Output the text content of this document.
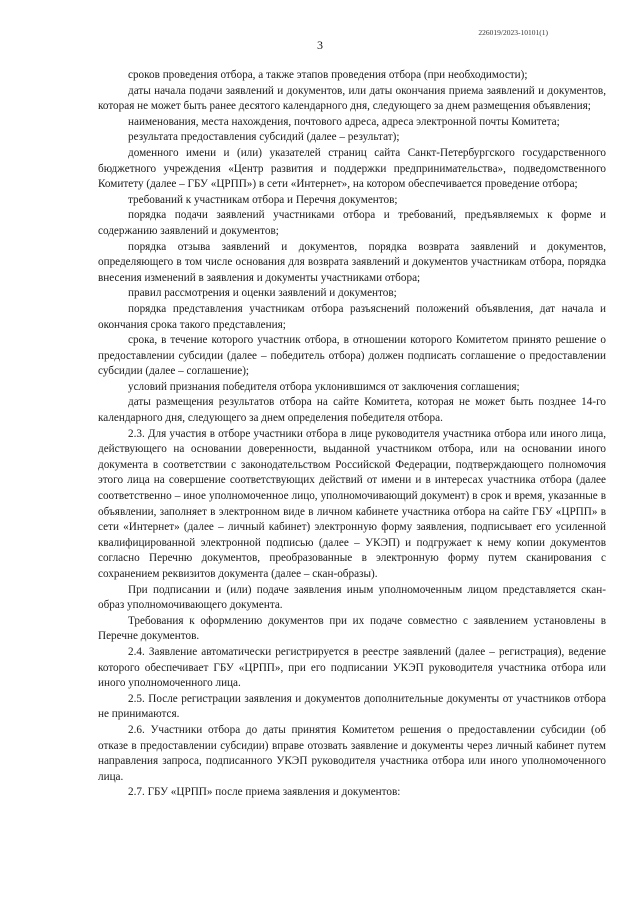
226019/2023-10101(1)
3

сроков проведения отбора, а также этапов проведения отбора (при необходимости);

даты начала подачи заявлений и документов, или даты окончания приема заявлений и документов, которая не может быть ранее десятого календарного дня, следующего за днем размещения объявления;

наименования, места нахождения, почтового адреса, адреса электронной почты Комитета;

результата предоставления субсидий (далее – результат);

доменного имени и (или) указателей страниц сайта Санкт-Петербургского государственного бюджетного учреждения «Центр развития и поддержки предпринимательства», подведомственного Комитету (далее – ГБУ «ЦРПП») в сети «Интернет», на котором обеспечивается проведение отбора;

требований к участникам отбора и Перечня документов;

порядка подачи заявлений участниками отбора и требований, предъявляемых к форме и содержанию заявлений и документов;

порядка отзыва заявлений и документов, порядка возврата заявлений и документов, определяющего в том числе основания для возврата заявлений и документов участникам отбора, порядка внесения изменений в заявления и документы участниками отбора;

правил рассмотрения и оценки заявлений и документов;

порядка представления участникам отбора разъяснений положений объявления, дат начала и окончания срока такого представления;

срока, в течение которого участник отбора, в отношении которого Комитетом принято решение о предоставлении субсидии (далее – победитель отбора) должен подписать соглашение о предоставлении субсидии (далее – соглашение);

условий признания победителя отбора уклонившимся от заключения соглашения;

даты размещения результатов отбора на сайте Комитета, которая не может быть позднее 14-го календарного дня, следующего за днем определения победителя отбора.

2.3. Для участия в отборе участники отбора в лице руководителя участника отбора или иного лица, действующего на основании доверенности, выданной участником отбора, или на основании иного документа в соответствии с законодательством Российской Федерации, подтверждающего полномочия этого лица на совершение соответствующих действий от имени и в интересах участника отбора (далее соответственно – иное уполномоченное лицо, уполномочивающий документ) в срок и время, указанные в объявлении, заполняет в электронном виде в личном кабинете участника отбора на сайте ГБУ «ЦРПП» в сети «Интернет» (далее – личный кабинет) электронную форму заявления, подписывает его усиленной квалифицированной электронной подписью (далее – УКЭП) и подгружает к нему копии документов согласно Перечню документов, преобразованные в электронную форму путем сканирования с сохранением реквизитов документа (далее – скан-образы).

При подписании и (или) подаче заявления иным уполномоченным лицом представляется скан-образ уполномочивающего документа.

Требования к оформлению документов при их подаче совместно с заявлением установлены в Перечне документов.

2.4. Заявление автоматически регистрируется в реестре заявлений (далее – регистрация), ведение которого обеспечивает ГБУ «ЦРПП», при его подписании УКЭП руководителя участника отбора или иного уполномоченного лица.

2.5. После регистрации заявления и документов дополнительные документы от участников отбора не принимаются.

2.6. Участники отбора до даты принятия Комитетом решения о предоставлении субсидии (об отказе в предоставлении субсидии) вправе отозвать заявление и документы через личный кабинет путем направления запроса, подписанного УКЭП руководителя участника отбора или иного уполномоченного лица.

2.7. ГБУ «ЦРПП» после приема заявления и документов:
